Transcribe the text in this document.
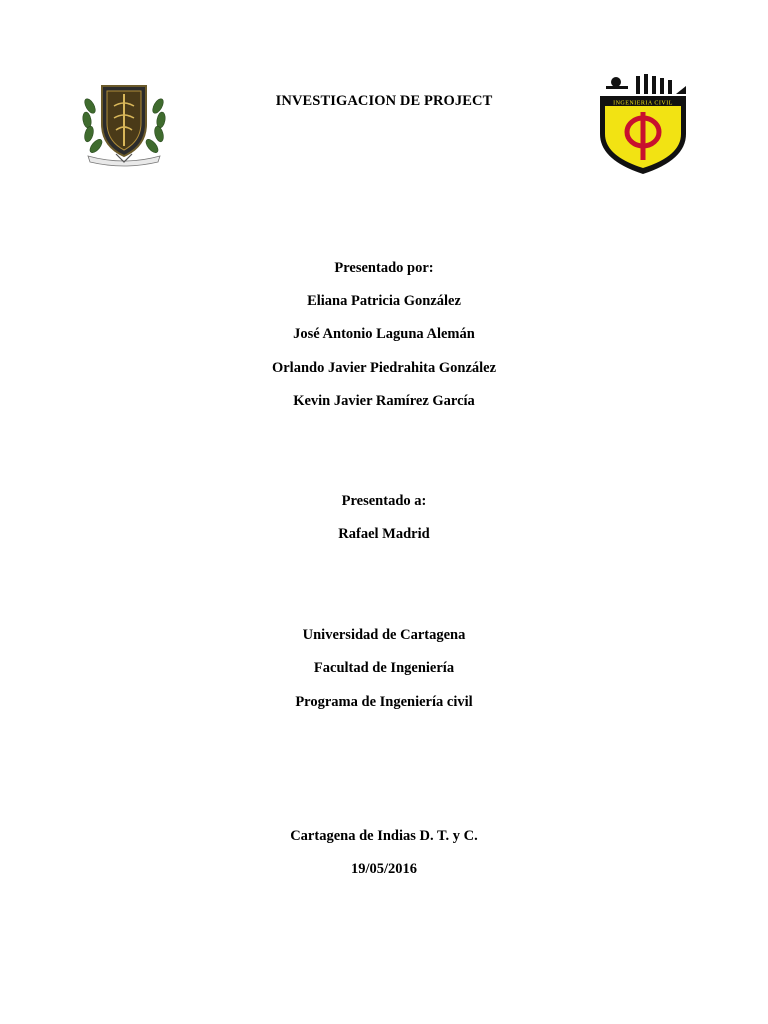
INVESTIGACION DE PROJECT	INGENIERIA CIVIL
Presentado por:
Eliana Patricia González
José Antonio Laguna Alemán
Orlando Javier Piedrahita González
Kevin Javier Ramírez García
Presentado a:
Rafael Madrid
Universidad de Cartagena
Facultad de Ingeniería
Programa de Ingeniería civil
Cartagena de Indias D. T. y C.
19/05/2016
